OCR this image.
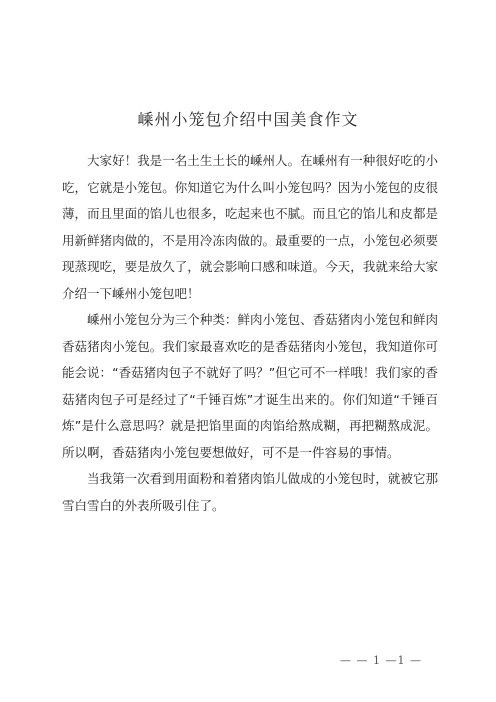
嵊州小笼包介绍中国美食作文

大家好！我是一名土生土长的嵊州人。在嵊州有一种很好吃的小吃，它就是小笼包。你知道它为什么叫小笼包吗？因为小笼包的皮很薄，而且里面的馅儿也很多，吃起来也不腻。而且它的馅儿和皮都是用新鲜猪肉做的，不是用冷冻肉做的。最重要的一点，小笼包必须要现蒸现吃，要是放久了，就会影响口感和味道。今天，我就来给大家介绍一下嵊州小笼包吧！

嵊州小笼包分为三个种类：鲜肉小笼包、香菇猪肉小笼包和鲜肉香菇猪肉小笼包。我们家最喜欢吃的是香菇猪肉小笼包，我知道你可能会说：“香菇猪肉包子不就好了吗？”但它可不一样哦！我们家的香菇猪肉包子可是经过了“千锤百炼”才诞生出来的。你们知道“千锤百炼”是什么意思吗？就是把馅里面的肉馅给熬成糊，再把糊熬成泥。所以啊，香菇猪肉小笼包要想做好，可不是一件容易的事情。

当我第一次看到用面粉和着猪肉馅儿做成的小笼包时，就被它那雪白雪白的外表所吸引住了。

— — 1 —1 —
